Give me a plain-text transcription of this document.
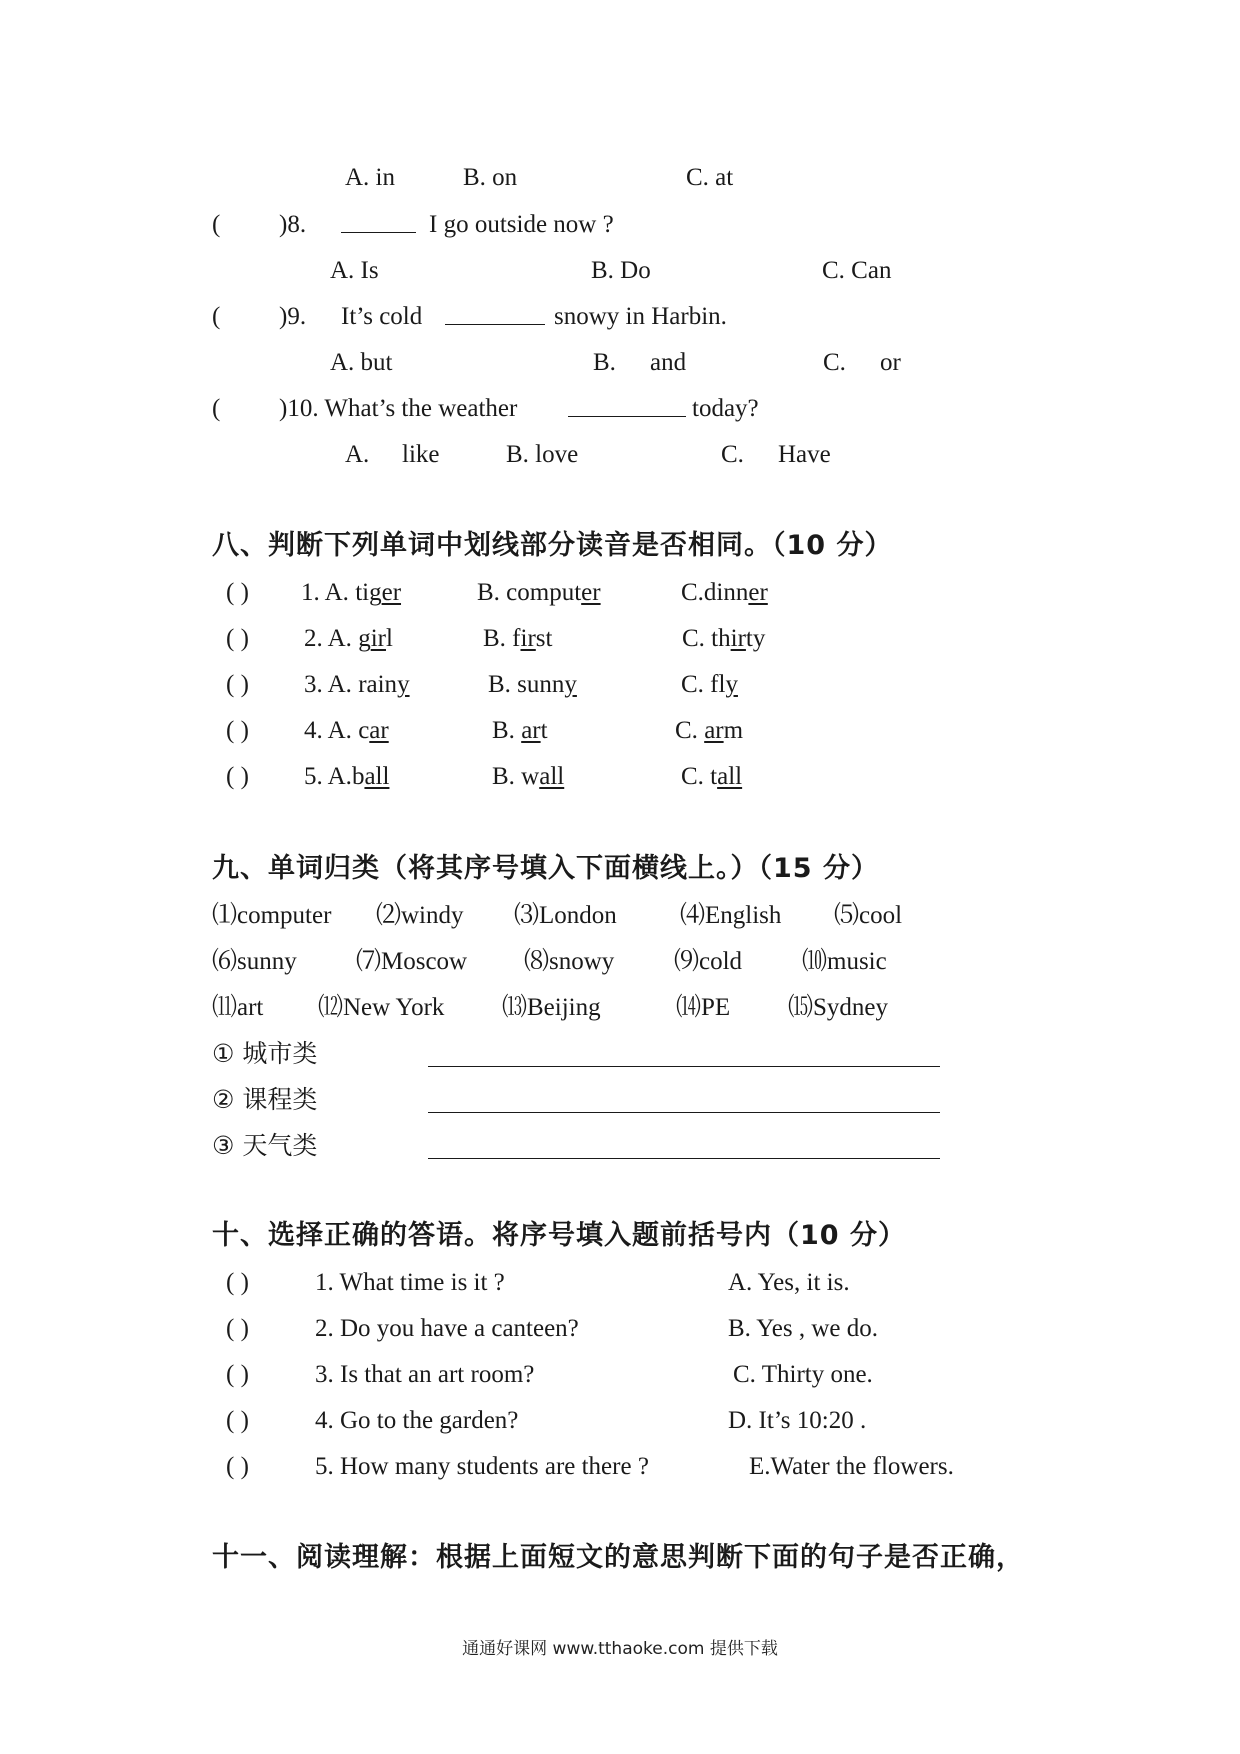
A. in	B. on	C. at
( )8.	I go outside now ?
A. Is	B. Do	C. Can
( )9. It’s cold	snowy in Harbin.
A. but	B. and	C. or
( )10. What’s the weather	today?
A. like	B. love	C. Have
八、判断下列单词中划线部分读音是否相同。（10 分）
( ) 1. A. tiger	B. computer	C.dinner
( ) 2. A. girl	B. first	C. thirty
( ) 3. A. rainy	B. sunny	C. fly
( ) 4. A. car	B. art	C. arm
( ) 5. A.ball	B. wall	C. tall
九、单词归类（将其序号填入下面横线上。）（15 分）
⑴computer ⑵windy ⑶London	⑷English ⑸cool
⑹sunny ⑺Moscow ⑻snowy ⑼cold ⑽music
⑾art ⑿New York ⒀Beijing	⒁PE ⒂Sydney
① 城市类
② 课程类
③ 天气类
十、选择正确的答语。将序号填入题前括号内（10 分）
( )	1. What time is it ?	A. Yes, it is.
( )	2. Do you have a canteen?	B. Yes , we do.
( )	3. Is that an art room?	C. Thirty one.
( )	4. Go to the garden?	D. It’s 10:20 .
( )	5. How many students are there ?	E.Water the flowers.
十一、阅读理解：根据上面短文的意思判断下面的句子是否正确，
通通好课网 www.tthaoke.com 提供下载
